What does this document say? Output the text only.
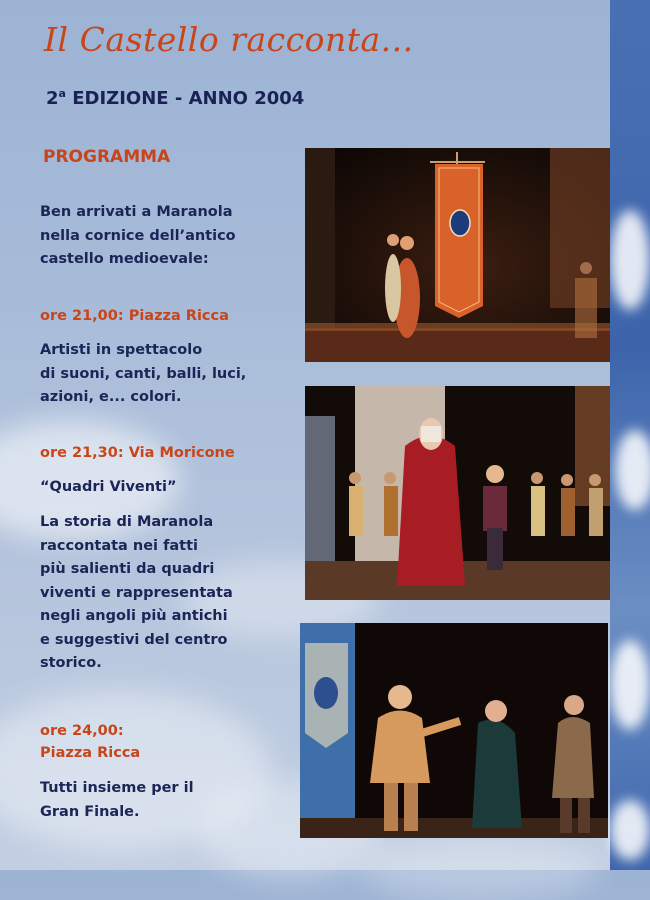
Il Castello racconta...
2$^a$ EDIZIONE - ANNO 2004
PROGRAMMA
Ben arrivati a Maranola
nella cornice dell’antico
castello medioevale:
ore 21,00: Piazza Ricca
Artisti in spettacolo
di suoni, canti, balli, luci,
azioni, e... colori.
ore 21,30: Via Moricone
“Quadri Viventi”
La storia di Maranola
raccontata nei fatti
più salienti da quadri
viventi e rappresentata
negli angoli più antichi
e suggestivi del centro
storico.
ore 24,00:
Piazza Ricca
Tutti insieme per il
Gran Finale.
